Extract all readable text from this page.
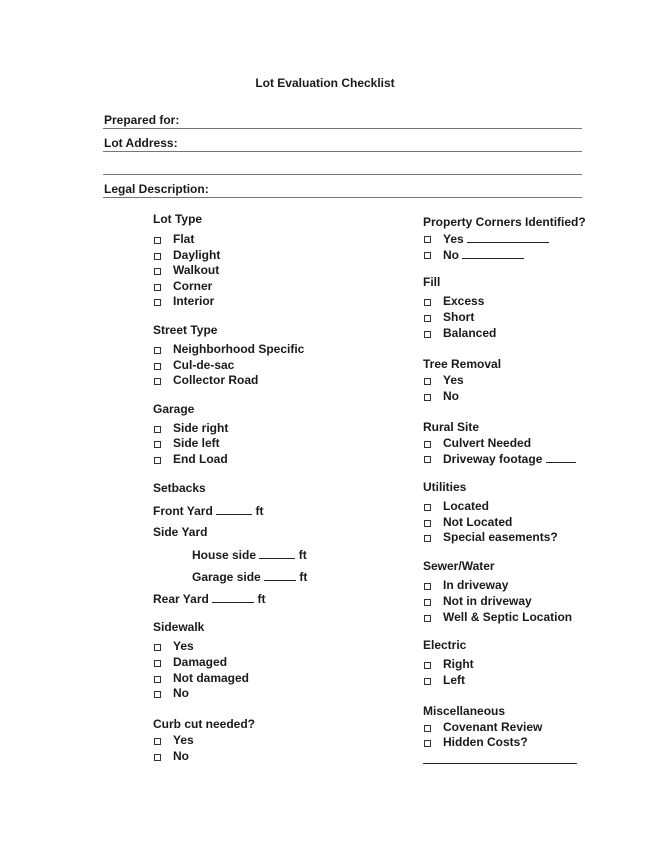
Lot Evaluation Checklist
Prepared for:
Lot Address:
Legal Description:
Lot Type
Flat
Daylight
Walkout
Corner
Interior
Street Type
Neighborhood Specific
Cul-de-sac
Collector Road
Garage
Side right
Side left
End Load
Setbacks
Front Yard	ft
Side Yard
House side	ft
Garage side	ft
Rear Yard	ft
Sidewalk
Yes
Damaged
Not damaged
No
Curb cut needed?
Yes
No
Property Corners Identified?
Yes
No
Fill
Excess
Short
Balanced
Tree Removal
Yes
No
Rural Site
Culvert Needed
Driveway footage
Utilities
Located
Not Located
Special easements?
Sewer/Water
In driveway
Not in driveway
Well & Septic Location
Electric
Right
Left
Miscellaneous
Covenant Review
Hidden Costs?
